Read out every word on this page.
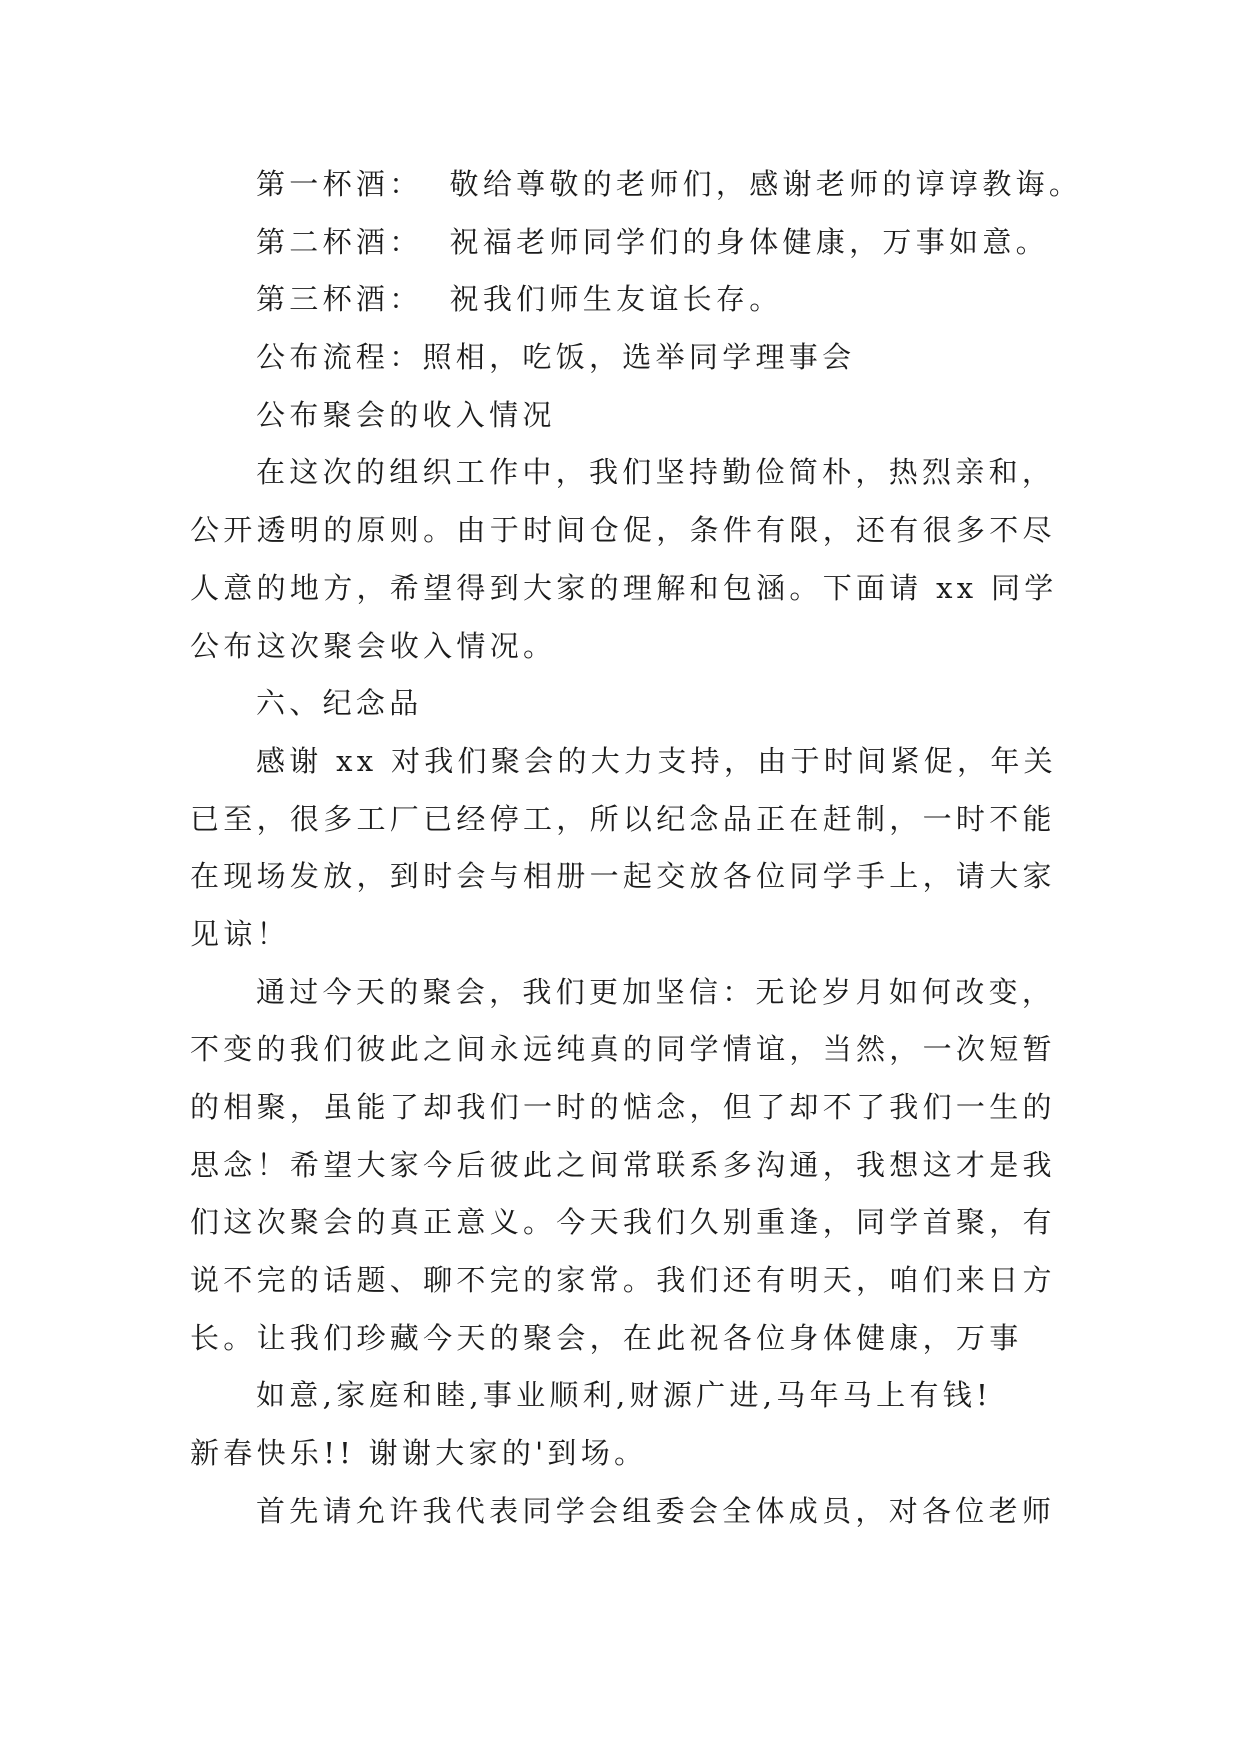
第一杯酒：  敬给尊敬的老师们，感谢老师的谆谆教诲。
第二杯酒：  祝福老师同学们的身体健康，万事如意。
第三杯酒：  祝我们师生友谊长存。
公布流程：照相，吃饭，选举同学理事会
公布聚会的收入情况
在这次的组织工作中，我们坚持勤俭简朴，热烈亲和，
公开透明的原则。由于时间仓促，条件有限，还有很多不尽
人意的地方，希望得到大家的理解和包涵。下面请 xx 同学
公布这次聚会收入情况。
六、纪念品
感谢 xx 对我们聚会的大力支持，由于时间紧促，年关
已至，很多工厂已经停工，所以纪念品正在赶制，一时不能
在现场发放，到时会与相册一起交放各位同学手上，请大家
见谅！
通过今天的聚会，我们更加坚信：无论岁月如何改变，
不变的我们彼此之间永远纯真的同学情谊，当然，一次短暂
的相聚，虽能了却我们一时的惦念，但了却不了我们一生的
思念！希望大家今后彼此之间常联系多沟通，我想这才是我
们这次聚会的真正意义。今天我们久别重逢，同学首聚，有
说不完的话题、聊不完的家常。我们还有明天，咱们来日方
长。让我们珍藏今天的聚会，在此祝各位身体健康，万事
如意,家庭和睦,事业顺利,财源广进,马年马上有钱!
新春快乐!! 谢谢大家的'到场。
首先请允许我代表同学会组委会全体成员，对各位老师
